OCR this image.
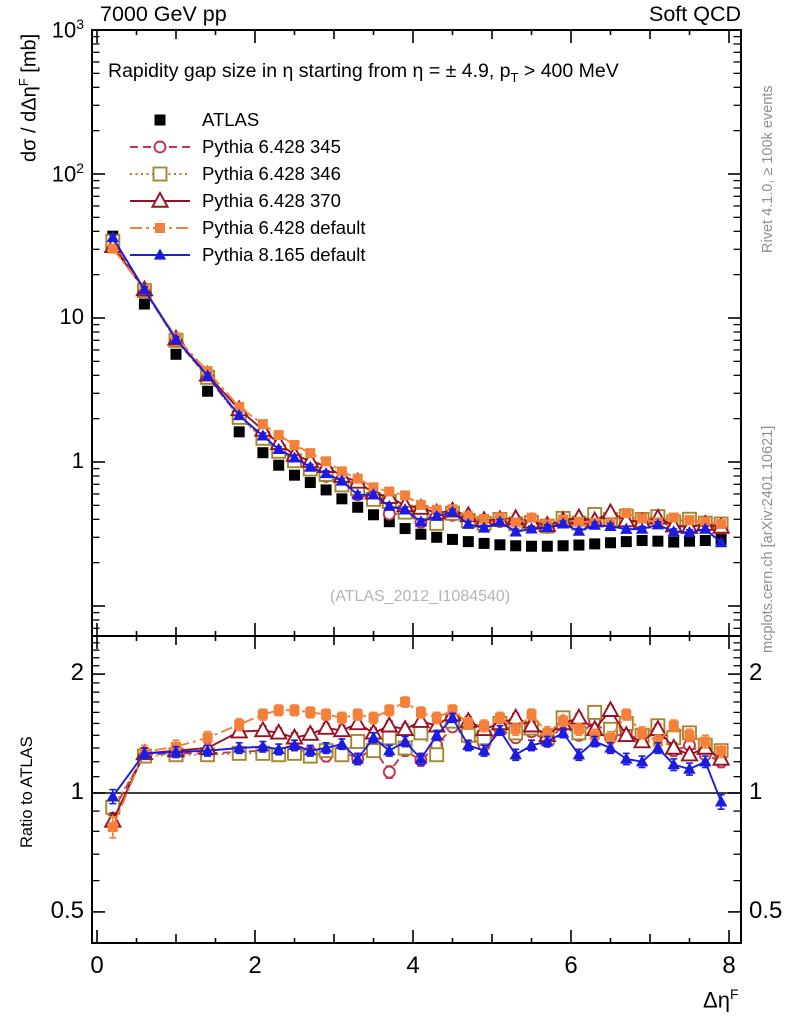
7000 GeV pp	Soft QCD
Rapidity gap size in η starting from η = ± 4.9, $p_T > 400$ MeV
ATLAS
Pythia 6.428 345
Pythia 6.428 346
Pythia 6.428 370
Pythia 6.428 default
Pythia 8.165 default
(ATLAS_2012_I1084540)
dσ / dΔη$^F$ [mb]
Ratio to ATLAS
$\Delta\eta^F$
Rivet 4.1.0, ≥ 100k events
mcplots.cern.ch [arXiv:2401.10621]
$10^3$
$10^2$
10
1
2	2
1	1
0.5	0.5
0	2	4	6	8
